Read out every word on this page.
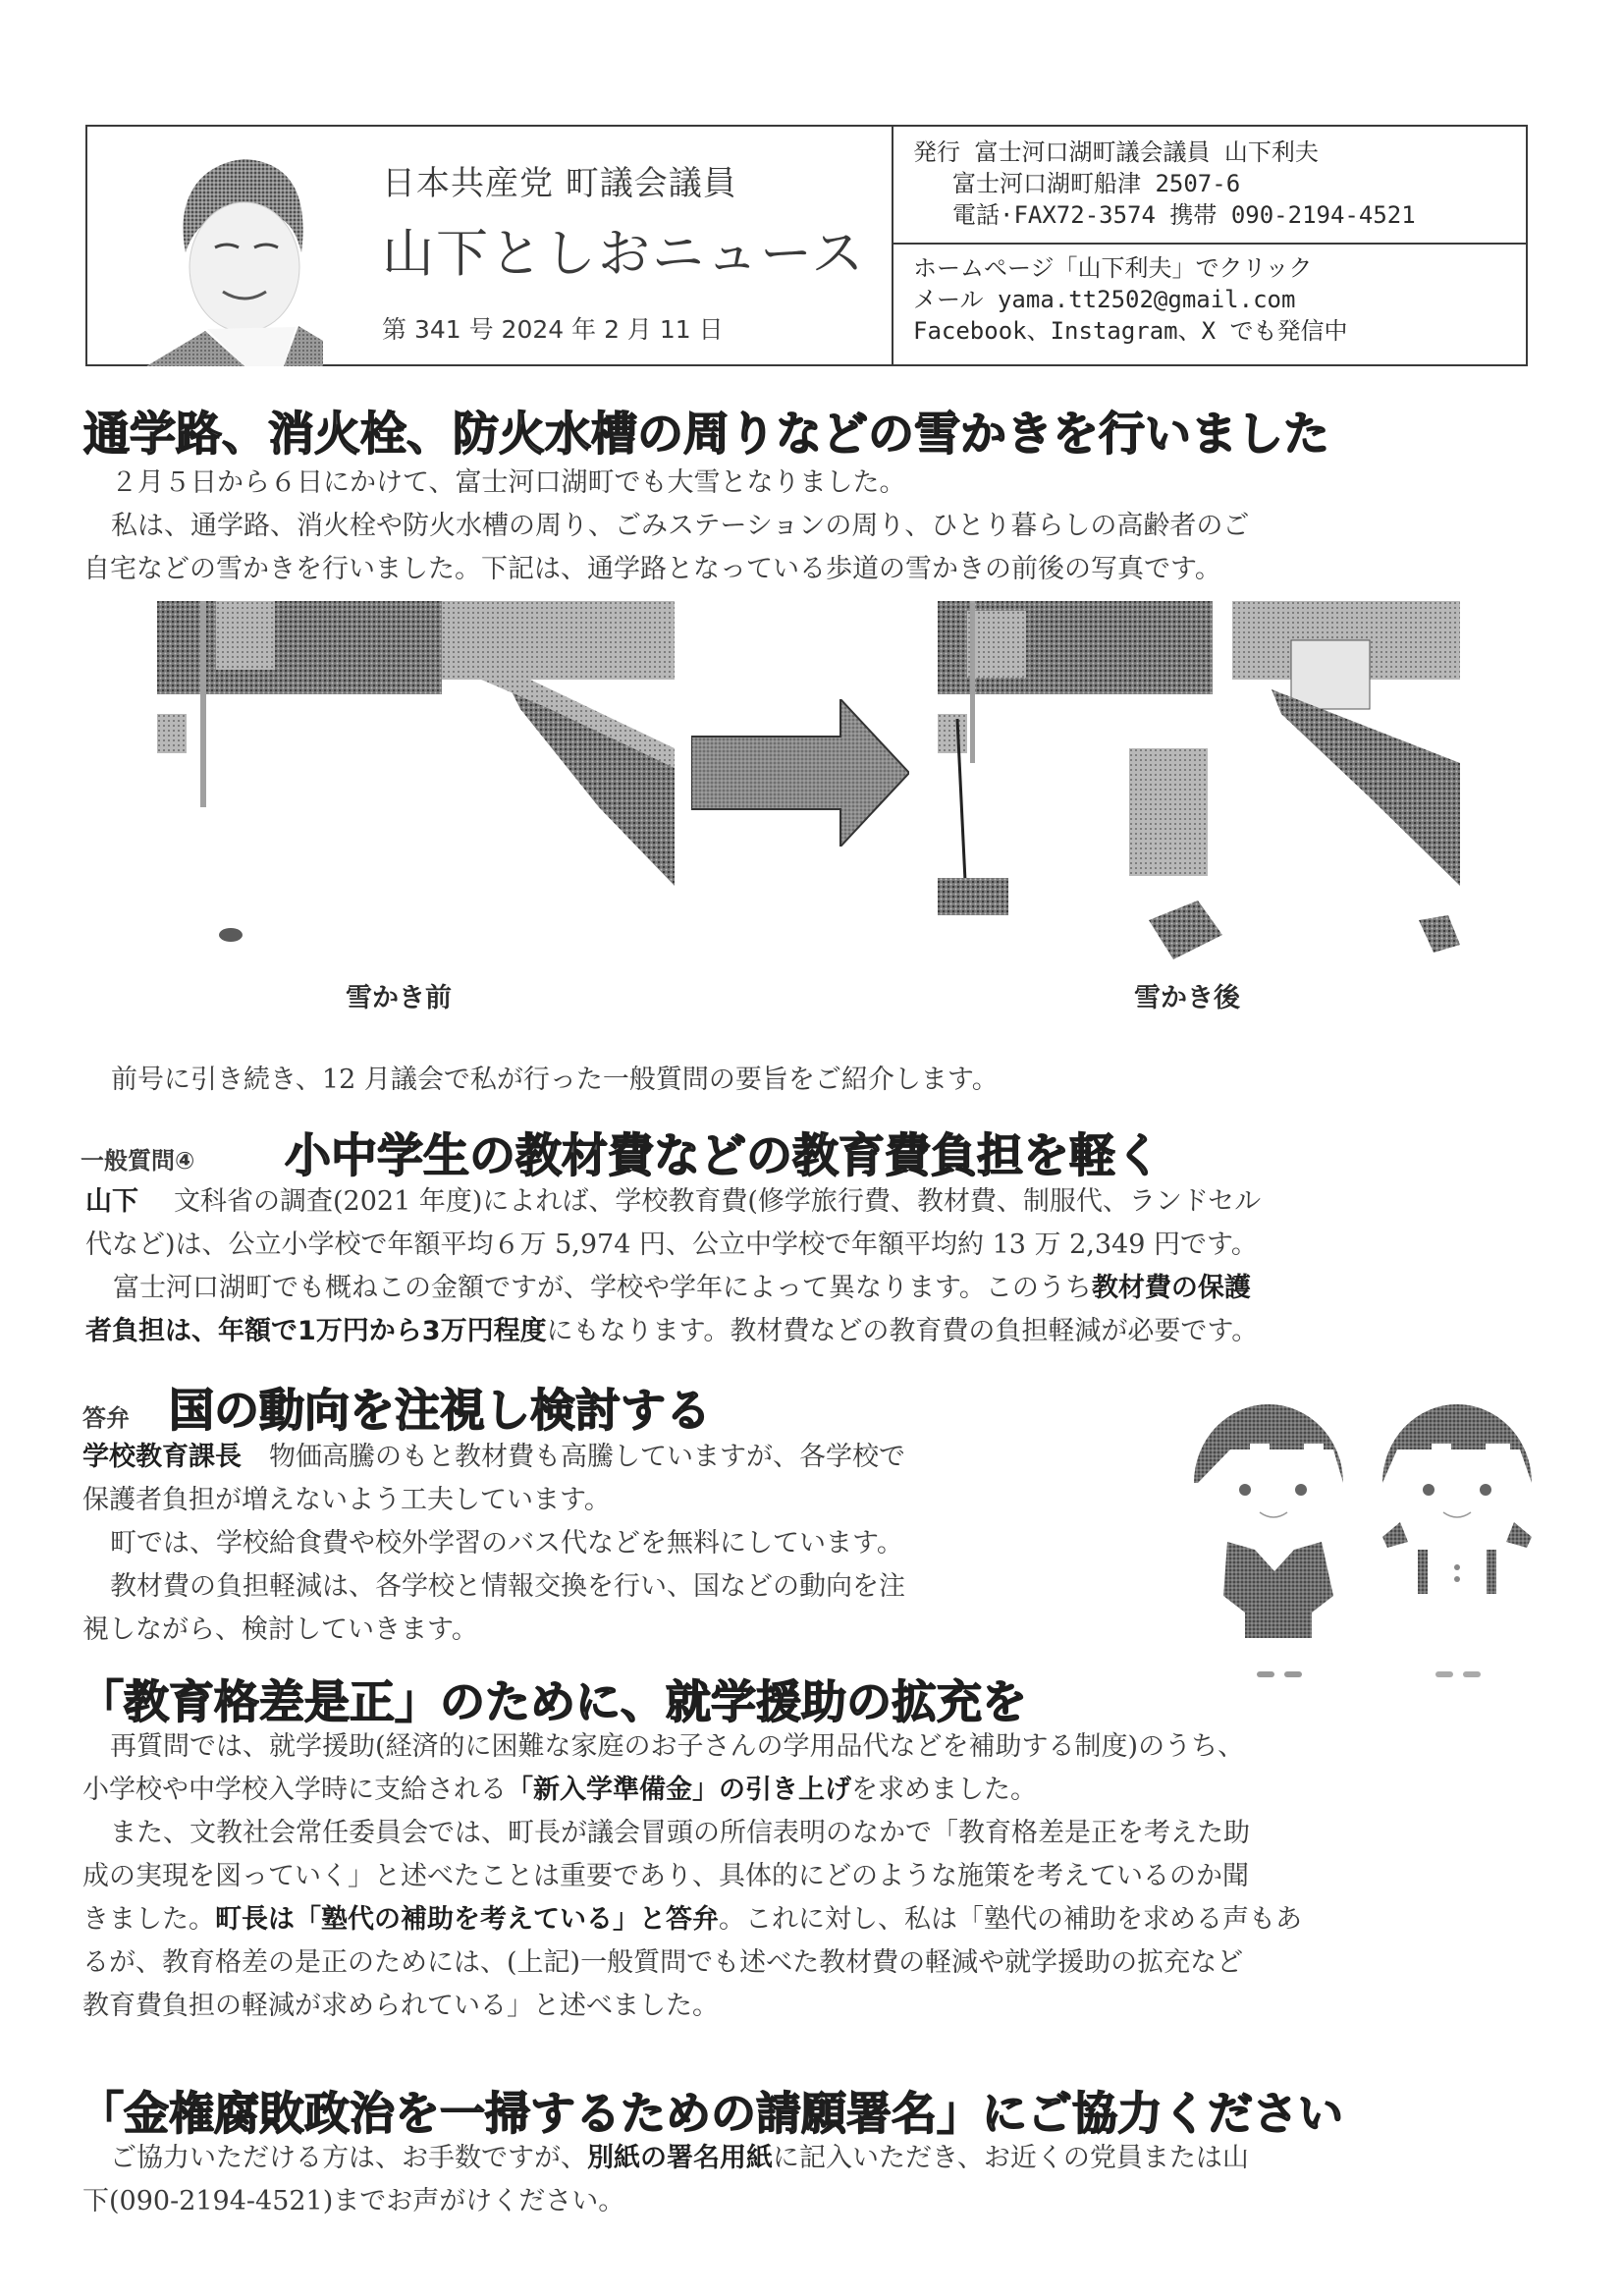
日本共産党 町議会議員
山下としおニュース
第 341 号 2024 年 2 月 11 日
発行 富士河口湖町議会議員 山下利夫
富士河口湖町船津 2507-6
電話·FAX72-3574 携帯 090-2194-4521
ホームページ「山下利夫」でクリック
メール yama.tt2502@gmail.com
Facebook、Instagram、X でも発信中
通学路、消火栓、防火水槽の周りなどの雪かきを行いました

２月５日から６日にかけて、富士河口湖町でも大雪となりました。

私は、通学路、消火栓や防火水槽の周り、ごみステーションの周り、ひとり暮らしの高齢者のご

自宅などの雪かきを行いました。下記は、通学路となっている歩道の雪かきの前後の写真です。

雪かき前	雪かき後
前号に引き続き、12 月議会で私が行った一般質問の要旨をご紹介します。
一般質問④ 小中学生の教材費などの教育費負担を軽く

山下 文科省の調査(2021 年度)によれば、学校教育費(修学旅行費、教材費、制服代、ランドセル

代など)は、公立小学校で年額平均６万 5,974 円、公立中学校で年額平均約 13 万 2,349 円です。

富士河口湖町でも概ねこの金額ですが、学校や学年によって異なります。このうち教材費の保護

者負担は、年額で1万円から3万円程度にもなります。教材費などの教育費の負担軽減が必要です。

答弁 国の動向を注視し検討する

学校教育課長 物価高騰のもと教材費も高騰していますが、各学校で

保護者負担が増えないよう工夫しています。

町では、学校給食費や校外学習のバス代などを無料にしています。

教材費の負担軽減は、各学校と情報交換を行い、国などの動向を注

視しながら、検討していきます。

「教育格差是正」のために、就学援助の拡充を

再質問では、就学援助(経済的に困難な家庭のお子さんの学用品代などを補助する制度)のうち、

小学校や中学校入学時に支給される「新入学準備金」の引き上げを求めました。

また、文教社会常任委員会では、町長が議会冒頭の所信表明のなかで「教育格差是正を考えた助

成の実現を図っていく」と述べたことは重要であり、具体的にどのような施策を考えているのか聞

きました。町長は「塾代の補助を考えている」と答弁。これに対し、私は「塾代の補助を求める声もあ

るが、教育格差の是正のためには、(上記)一般質問でも述べた教材費の軽減や就学援助の拡充など

教育費負担の軽減が求められている」と述べました。

「金権腐敗政治を一掃するための請願署名」にご協力ください

ご協力いただける方は、お手数ですが、別紙の署名用紙に記入いただき、お近くの党員または山

下(090-2194-4521)までお声がけください。
